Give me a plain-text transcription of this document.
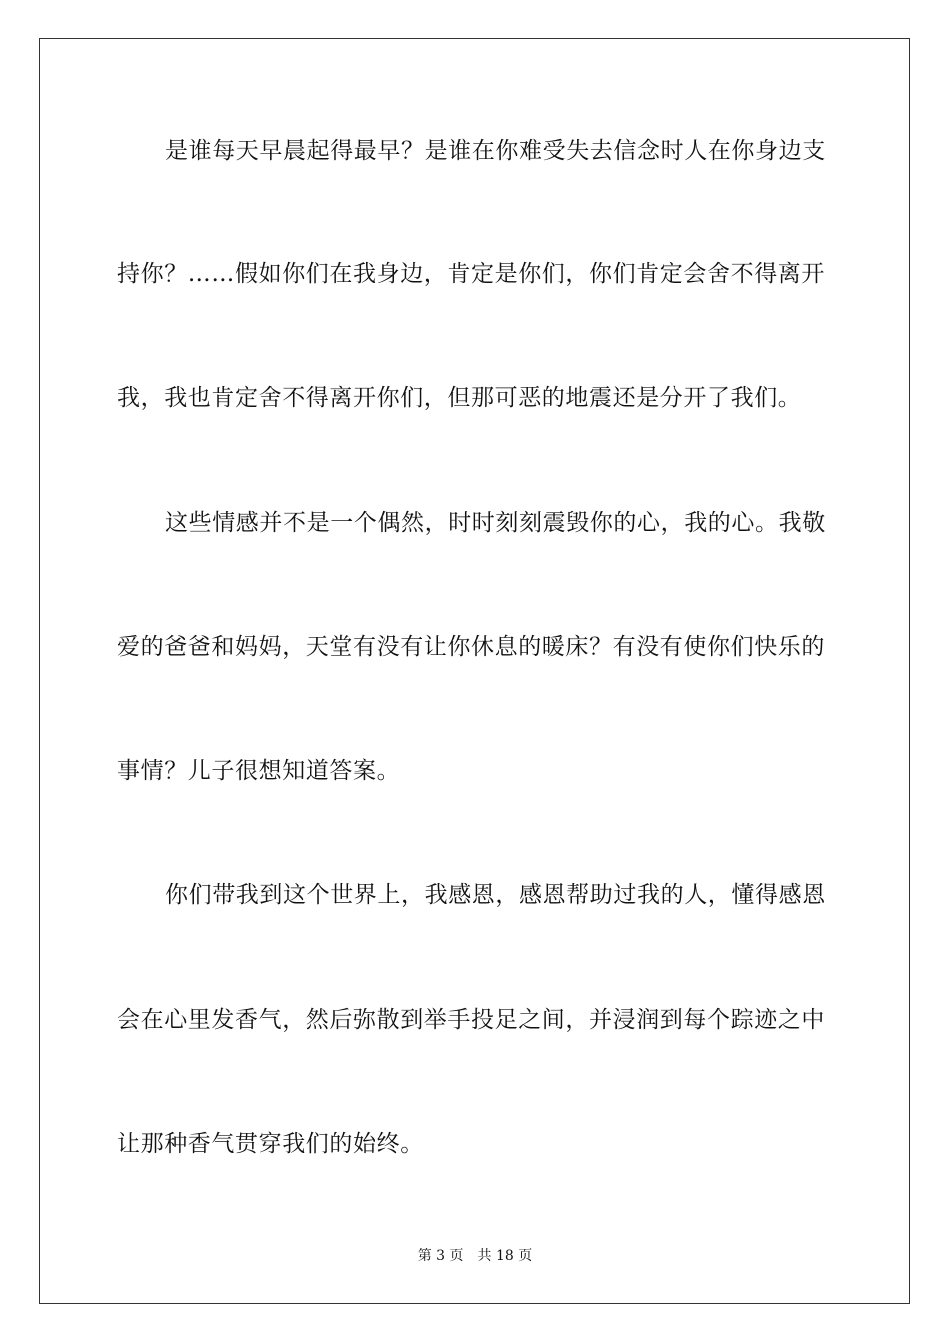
是谁每天早晨起得最早？是谁在你难受失去信念时人在你身边支
持你？……假如你们在我身边，肯定是你们，你们肯定会舍不得离开
我，我也肯定舍不得离开你们，但那可恶的地震还是分开了我们。
这些情感并不是一个偶然，时时刻刻震毁你的心，我的心。我敬
爱的爸爸和妈妈，天堂有没有让你休息的暖床？有没有使你们快乐的
事情？儿子很想知道答案。
你们带我到这个世界上，我感恩，感恩帮助过我的人，懂得感恩
会在心里发香气，然后弥散到举手投足之间，并浸润到每个踪迹之中
让那种香气贯穿我们的始终。
第 3 页 共 18 页
